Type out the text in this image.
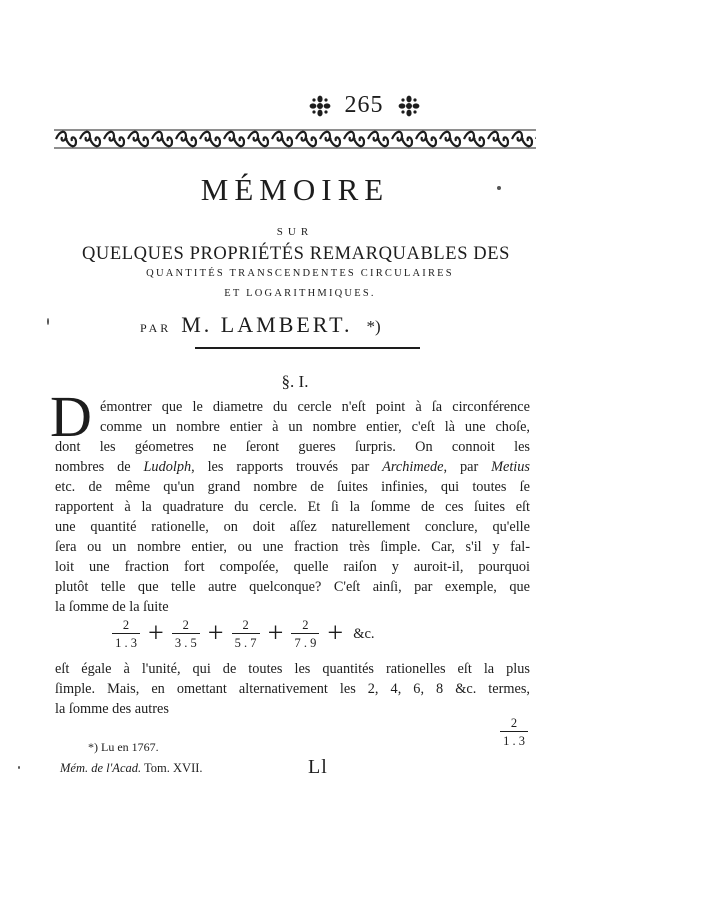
265
MÉMOIRE
SUR
QUELQUES PROPRIÉTÉS REMARQUABLES DES
QUANTITÉS TRANSCENDENTES CIRCULAIRES
ET LOGARITHMIQUES.
PAR M. LAMBERT. *)
§. I.
D émontrer que le diametre du cercle n'eſt point à ſa circonférence
comme un nombre entier à un nombre entier, c'eſt là une choſe,
dont les géometres ne ſeront gueres ſurpris. On connoit les
nombres de Ludolph, les rapports trouvés par Archimede, par Metius
etc. de même qu'un grand nombre de ſuites infinies, qui toutes ſe
rapportent à la quadrature du cercle. Et ſi la ſomme de ces ſuites eſt
une quantité rationelle, on doit aſſez naturellement conclure, qu'elle
ſera ou un nombre entier, ou une fraction très ſimple. Car, s'il y fal-
loit une fraction fort compoſée, quelle raiſon y auroit-il, pourquoi
plutôt telle que telle autre quelconque? C'eſt ainſi, par exemple, que
la ſomme de la ſuite
$\frac{2}{1 . 3} + \frac{2}{3 . 5} + \frac{2}{5 . 7} + \frac{2}{7 . 9}$ + &c.
eſt égale à l'unité, qui de toutes les quantités rationelles eſt la plus
ſimple. Mais, en omettant alternativement les 2, 4, 6, 8 &c. termes,
la ſomme des autres
2
1 . 3
*) Lu en 1767.
Mém. de l'Acad. Tom. XVII.	Ll
